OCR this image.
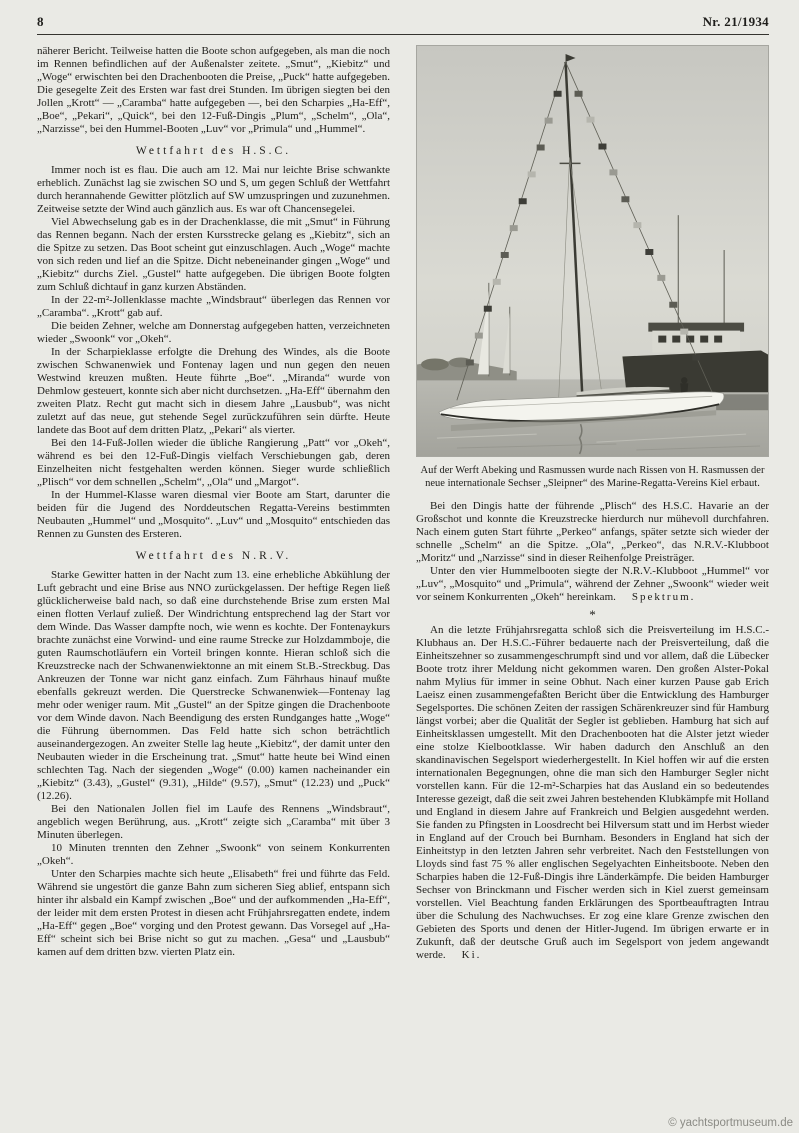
8	Nr. 21/1934

näherer Bericht. Teilweise hatten die Boote schon aufgegeben, als man die noch im Rennen befindlichen auf der Außenalster zeitete. „Smut“, „Kiebitz“ und „Woge“ erwischten bei den Drachenbooten die Preise, „Puck“ hatte aufgegeben. Die gesegelte Zeit des Ersten war fast drei Stunden. Im übrigen siegten bei den Jollen „Krott“ — „Caramba“ hatte aufgegeben —, bei den Scharpies „Ha-Eff“, „Boe“, „Pekari“, „Quick“, bei den 12-Fuß-Dingis „Plum“, „Schelm“, „Ola“, „Narzisse“, bei den Hummel-Booten „Luv“ vor „Primula“ und „Hummel“.

Wettfahrt des H.S.C.

Immer noch ist es flau. Die auch am 12. Mai nur leichte Brise schwankte erheblich. Zunächst lag sie zwischen SO und S, um gegen Schluß der Wettfahrt durch herannahende Gewitter plötzlich auf SW umzuspringen und zuzunehmen. Zeitweise setzte der Wind auch gänzlich aus. Es war oft Chancensegelei.

Viel Abwechselung gab es in der Drachenklasse, die mit „Smut“ in Führung das Rennen begann. Nach der ersten Kursstrecke gelang es „Kiebitz“, sich an die Spitze zu setzen. Das Boot scheint gut einzuschlagen. Auch „Woge“ machte von sich reden und lief an die Spitze. Dicht nebeneinander gingen „Woge“ und „Kiebitz“ durchs Ziel. „Gustel“ hatte aufgegeben. Die übrigen Boote folgten zum Schluß dichtauf in ganz kurzen Abständen.

In der 22-m²-Jollenklasse machte „Windsbraut“ überlegen das Rennen vor „Caramba“. „Krott“ gab auf.

Die beiden Zehner, welche am Donnerstag aufgegeben hatten, verzeichneten wieder „Swoonk“ vor „Okeh“.

In der Scharpieklasse erfolgte die Drehung des Windes, als die Boote zwischen Schwanenwiek und Fontenay lagen und nun gegen den neuen Westwind kreuzen mußten. Heute führte „Boe“. „Miranda“ wurde von Dehmlow gesteuert, konnte sich aber nicht durchsetzen. „Ha-Eff“ übernahm den zweiten Platz. Recht gut macht sich in diesem Jahre „Lausbub“, was nicht zuletzt auf das neue, gut stehende Segel zurückzuführen sein dürfte. Heute landete das Boot auf dem dritten Platz, „Pekari“ als vierter.

Bei den 14-Fuß-Jollen wieder die übliche Rangierung „Patt“ vor „Okeh“, während es bei den 12-Fuß-Dingis vielfach Verschiebungen gab, deren Einzelheiten nicht festgehalten werden können. Sieger wurde schließlich „Plisch“ vor dem schnellen „Schelm“, „Ola“ und „Margot“.

In der Hummel-Klasse waren diesmal vier Boote am Start, darunter die beiden für die Jugend des Norddeutschen Regatta-Vereins bestimmten Neubauten „Hummel“ und „Mosquito“. „Luv“ und „Mosquito“ entschieden das Rennen zu Gunsten des Ersteren.

Wettfahrt des N.R.V.

Starke Gewitter hatten in der Nacht zum 13. eine erhebliche Abkühlung der Luft gebracht und eine Brise aus NNO zurückgelassen. Der heftige Regen ließ glücklicherweise bald nach, so daß eine durchstehende Brise zum ersten Mal einen flotten Verlauf zuließ. Der Windrichtung entsprechend lag der Start vor dem Winde. Das Wasser dampfte noch, wie wenn es kochte. Der Fontenaykurs brachte zunächst eine Vorwind- und eine raume Strecke zur Holzdammboje, die guten Raumschotläufern ein Vorteil bringen konnte. Hieran schloß sich die Kreuzstrecke nach der Schwanenwiektonne an mit einem St.B.-Streckbug. Das Ankreuzen der Tonne war nicht ganz einfach. Zum Fährhaus hinauf mußte ebenfalls gekreuzt werden. Die Querstrecke Schwanenwiek—Fontenay lag mehr oder weniger raum. Mit „Gustel“ an der Spitze gingen die Drachenboote vor dem Winde davon. Nach Beendigung des ersten Rundganges hatte „Woge“ die Führung übernommen. Das Feld hatte sich schon beträchtlich auseinandergezogen. An zweiter Stelle lag heute „Kiebitz“, der damit unter den Neubauten wieder in die Erscheinung trat. „Smut“ hatte heute bei Wind einen schlechten Tag. Nach der siegenden „Woge“ (0.00) kamen nacheinander ein „Kiebitz“ (3.43), „Gustel“ (9.31), „Hilde“ (9.57), „Smut“ (12.23) und „Puck“ (12.26).

Bei den Nationalen Jollen fiel im Laufe des Rennens „Windsbraut“, angeblich wegen Berührung, aus. „Krott“ zeigte sich „Caramba“ mit über 3 Minuten überlegen.

10 Minuten trennten den Zehner „Swoonk“ von seinem Konkurrenten „Okeh“.

Unter den Scharpies machte sich heute „Elisabeth“ frei und führte das Feld. Während sie ungestört die ganze Bahn zum sicheren Sieg ablief, entspann sich hinter ihr alsbald ein Kampf zwischen „Boe“ und der aufkommenden „Ha-Eff“, der leider mit dem ersten Protest in diesen acht Frühjahrsregatten endete, indem „Ha-Eff“ gegen „Boe“ vorging und den Protest gewann. Das Vorsegel auf „Ha-Eff“ scheint sich bei Brise nicht so gut zu machen. „Gesa“ und „Lausbub“ kamen auf dem dritten bzw. vierten Platz ein.

Auf der Werft Abeking und Rasmussen wurde nach Rissen von H. Rasmussen der neue internationale Sechser „Sleipner“ des Marine-Regatta-Vereins Kiel erbaut.

Bei den Dingis hatte der führende „Plisch“ des H.S.C. Havarie an der Großschot und konnte die Kreuzstrecke hierdurch nur mühevoll durchfahren. Nach einem guten Start führte „Perkeo“ anfangs, später setzte sich wieder der schnelle „Schelm“ an die Spitze. „Ola“, „Perkeo“, das N.R.V.-Klubboot „Moritz“ und „Narzisse“ sind in dieser Reihenfolge Preisträger.

Unter den vier Hummelbooten siegte der N.R.V.-Klubboot „Hummel“ vor „Luv“, „Mosquito“ und „Primula“, während der Zehner „Swoonk“ wieder weit vor seinem Konkurrenten „Okeh“ hereinkam. Spektrum.

*

An die letzte Frühjahrsregatta schloß sich die Preisverteilung im H.S.C.-Klubhaus an. Der H.S.C.-Führer bedauerte nach der Preisverteilung, daß die Einheitszehner so zusammengeschrumpft sind und vor allem, daß die Lübecker Boote trotz ihrer Meldung nicht gekommen waren. Den großen Alster-Pokal nahm Mylius für immer in seine Obhut. Nach einer kurzen Pause gab Erich Laeisz einen zusammengefaßten Bericht über die Entwicklung des Hamburger Segelsportes. Die schönen Zeiten der rassigen Schärenkreuzer sind für Hamburg längst vorbei; aber die Qualität der Segler ist geblieben. Hamburg hat sich auf Einheitsklassen umgestellt. Mit den Drachenbooten hat die Alster jetzt wieder eine stolze Kielbootklasse. Wir haben dadurch den Anschluß an den skandinavischen Segelsport wiederhergestellt. In Kiel hoffen wir auf die ersten internationalen Begegnungen, ohne die man sich den Hamburger Segler nicht vorstellen kann. Für die 12-m²-Scharpies hat das Ausland ein so bedeutendes Interesse gezeigt, daß die seit zwei Jahren bestehenden Klubkämpfe mit Holland und England in diesem Jahre auf Frankreich und Belgien ausgedehnt werden. Sie fanden zu Pfingsten in Loosdrecht bei Hilversum statt und im Herbst wieder in England auf der Crouch bei Burnham. Besonders in England hat sich der Einheitstyp in den letzten Jahren sehr verbreitet. Nach den Feststellungen von Lloyds sind fast 75 % aller englischen Segelyachten Einheitsboote. Neben den Scharpies haben die 12-Fuß-Dingis ihre Länderkämpfe. Die beiden Hamburger Sechser von Brinckmann und Fischer werden sich in Kiel zuerst gemeinsam vorstellen. Viel Beachtung fanden Erklärungen des Sportbeauftragten Intrau über die Schulung des Nachwuchses. Er zog eine klare Grenze zwischen den Gebieten des Sports und denen der Hitler-Jugend. Im übrigen erwarte er in Zukunft, daß der deutsche Gruß auch im Segelsport von jedem angewandt werde. Ki.

© yachtsportmuseum.de
